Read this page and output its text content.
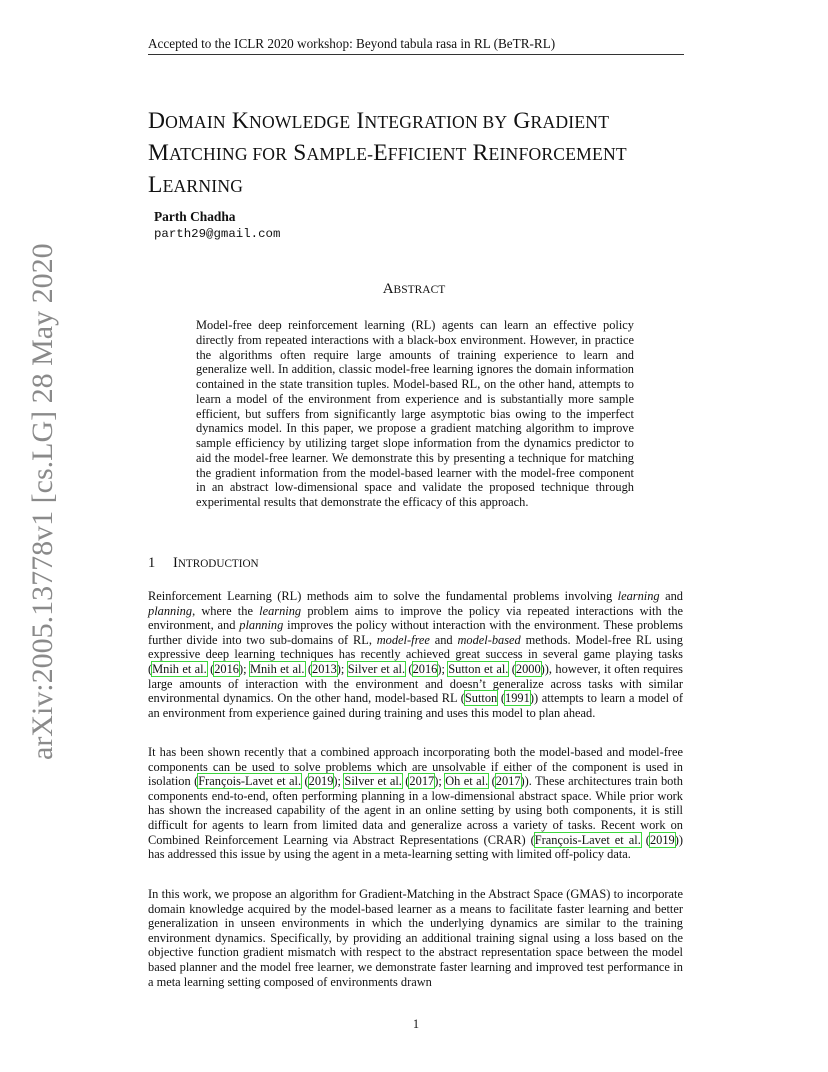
Accepted to the ICLR 2020 workshop: Beyond tabula rasa in RL (BeTR-RL)
arXiv:2005.13778v1 [cs.LG] 28 May 2020
DOMAIN KNOWLEDGE INTEGRATION BY GRADIENT
MATCHING FOR SAMPLE-EFFICIENT REINFORCEMENT
LEARNING
Parth Chadha
parth29@gmail.com
ABSTRACT

Model-free deep reinforcement learning (RL) agents can learn an effective policy directly from repeated interactions with a black-box environment. However, in practice the algorithms often require large amounts of training experience to learn and generalize well. In addition, classic model-free learning ignores the domain information contained in the state transition tuples. Model-based RL, on the other hand, attempts to learn a model of the environment from experience and is substantially more sample efficient, but suffers from significantly large asymptotic bias owing to the imperfect dynamics model. In this paper, we propose a gradient matching algorithm to improve sample efficiency by utilizing target slope information from the dynamics predictor to aid the model-free learner. We demonstrate this by presenting a technique for matching the gradient information from the model-based learner with the model-free component in an abstract low-dimensional space and validate the proposed technique through experimental results that demonstrate the efficacy of this approach.

1 INTRODUCTION

Reinforcement Learning (RL) methods aim to solve the fundamental problems involving learning and planning, where the learning problem aims to improve the policy via repeated interactions with the environment, and planning improves the policy without interaction with the environment. These problems further divide into two sub-domains of RL, model-free and model-based methods. Model-free RL using expressive deep learning techniques has recently achieved great success in several game playing tasks (Mnih et al. (2016); Mnih et al. (2013); Silver et al. (2016); Sutton et al. (2000)), however, it often requires large amounts of interaction with the environment and doesn’t generalize across tasks with similar environmental dynamics. On the other hand, model-based RL (Sutton (1991)) attempts to learn a model of an environment from experience gained during training and uses this model to plan ahead.

It has been shown recently that a combined approach incorporating both the model-based and model-free components can be used to solve problems which are unsolvable if either of the component is used in isolation (François-Lavet et al. (2019); Silver et al. (2017); Oh et al. (2017)). These architectures train both components end-to-end, often performing planning in a low-dimensional abstract space. While prior work has shown the increased capability of the agent in an online setting by using both components, it is still difficult for agents to learn from limited data and generalize across a variety of tasks. Recent work on Combined Reinforcement Learning via Abstract Representations (CRAR) (François-Lavet et al. (2019)) has addressed this issue by using the agent in a meta-learning setting with limited off-policy data.

In this work, we propose an algorithm for Gradient-Matching in the Abstract Space (GMAS) to incorporate domain knowledge acquired by the model-based learner as a means to facilitate faster learning and better generalization in unseen environments in which the underlying dynamics are similar to the training environment dynamics. Specifically, by providing an additional training signal using a loss based on the objective function gradient mismatch with respect to the abstract representation space between the model based planner and the model free learner, we demonstrate faster learning and improved test performance in a meta learning setting composed of environments drawn

1
